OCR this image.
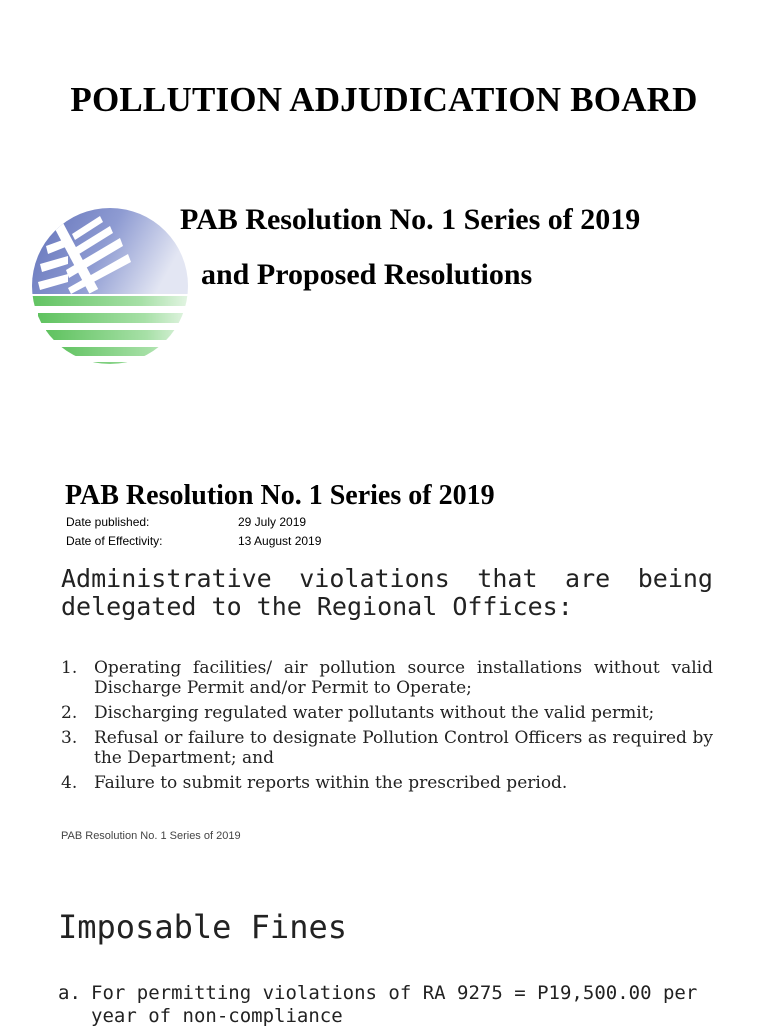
POLLUTION ADJUDICATION BOARD
PAB Resolution No. 1 Series of 2019
and Proposed Resolutions
PAB Resolution No. 1 Series of 2019
Date published:	29 July 2019
Date of Effectivity:	13 August 2019
Administrative violations that are being delegated to the Regional Offices:
1. Operating facilities/ air pollution source installations without valid Discharge Permit and/or Permit to Operate;
2. Discharging regulated water pollutants without the valid permit;
3. Refusal or failure to designate Pollution Control Officers as required by the Department; and
4. Failure to submit reports within the prescribed period.
PAB Resolution No. 1 Series of 2019
Imposable Fines
a. For permitting violations of RA 9275 = P19,500.00 per year of non-compliance
